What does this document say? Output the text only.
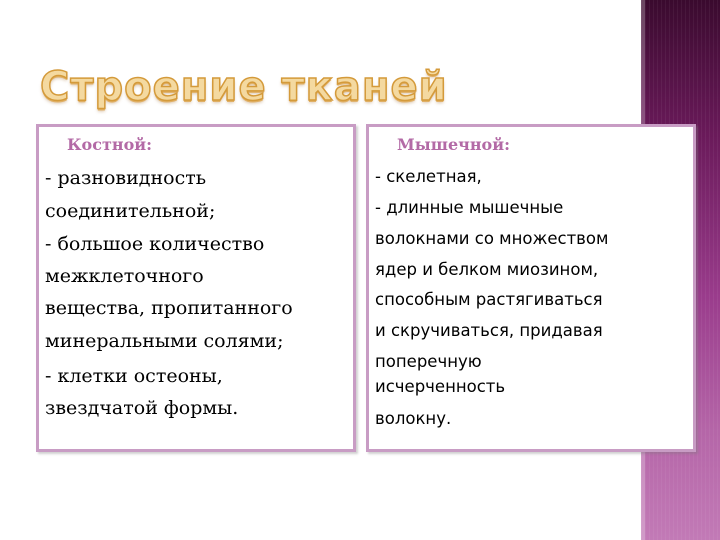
Строение тканей
Костной:
- разновидность
соединительной;
- большое количество
межклеточного
вещества, пропитанного
минеральными солями;
- клетки остеоны,
звездчатой формы.
Мышечной:
- скелетная,
- длинные мышечные
волокнами со множеством
ядер и белком миозином,
способным растягиваться
и скручиваться, придавая
поперечную
исчерченность
волокну.
